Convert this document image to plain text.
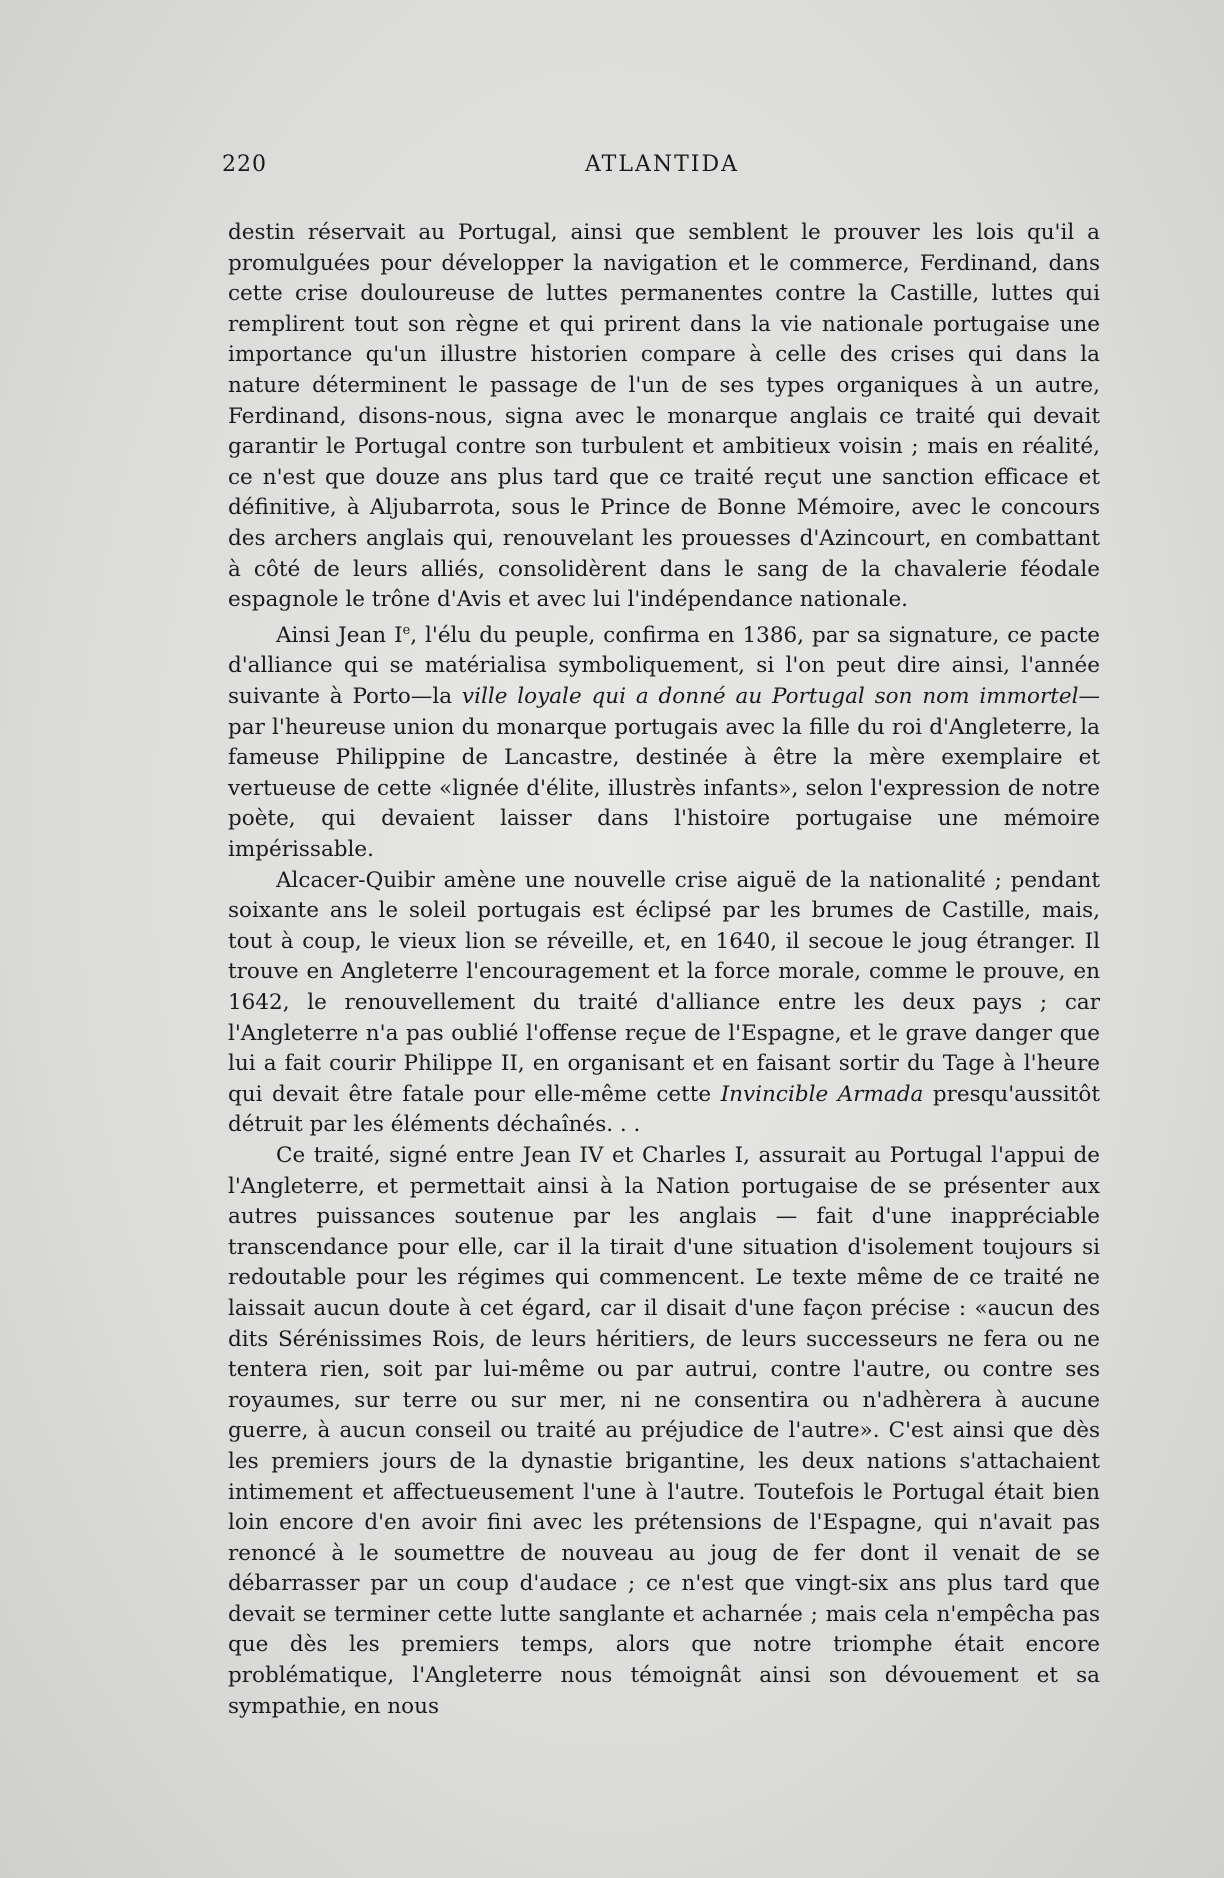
220	ATLANTIDA

destin réservait au Portugal, ainsi que semblent le prouver les lois qu'il a promulguées pour développer la navigation et le commerce, Ferdinand, dans cette crise douloureuse de luttes permanentes contre la Castille, luttes qui remplirent tout son règne et qui prirent dans la vie nationale portugaise une importance qu'un illustre historien compare à celle des crises qui dans la nature déterminent le passage de l'un de ses types organiques à un autre, Ferdinand, disons-nous, signa avec le monarque anglais ce traité qui devait garantir le Portugal contre son turbulent et ambitieux voisin ; mais en réalité, ce n'est que douze ans plus tard que ce traité reçut une sanction efficace et définitive, à Aljubarrota, sous le Prince de Bonne Mémoire, avec le concours des archers anglais qui, renouvelant les prouesses d'Azincourt, en combattant à côté de leurs alliés, consolidèrent dans le sang de la chavalerie féodale espagnole le trône d'Avis et avec lui l'indépendance nationale.

Ainsi Jean Ie, l'élu du peuple, confirma en 1386, par sa signature, ce pacte d'alliance qui se matérialisa symboliquement, si l'on peut dire ainsi, l'année suivante à Porto—la ville loyale qui a donné au Portugal son nom immortel— par l'heureuse union du monarque portugais avec la fille du roi d'Angleterre, la fameuse Philippine de Lancastre, destinée à être la mère exemplaire et vertueuse de cette «lignée d'élite, illustrès infants», selon l'expression de notre poète, qui devaient laisser dans l'histoire portugaise une mémoire impérissable.

Alcacer-Quibir amène une nouvelle crise aiguë de la nationalité ; pendant soixante ans le soleil portugais est éclipsé par les brumes de Castille, mais, tout à coup, le vieux lion se réveille, et, en 1640, il secoue le joug étranger. Il trouve en Angleterre l'encouragement et la force morale, comme le prouve, en 1642, le renouvellement du traité d'alliance entre les deux pays ; car l'Angleterre n'a pas oublié l'offense reçue de l'Espagne, et le grave danger que lui a fait courir Philippe II, en organisant et en faisant sortir du Tage à l'heure qui devait être fatale pour elle-même cette Invincible Armada presqu'aussitôt détruit par les éléments déchaînés. . .

Ce traité, signé entre Jean IV et Charles I, assurait au Portugal l'appui de l'Angleterre, et permettait ainsi à la Nation portugaise de se présenter aux autres puissances soutenue par les anglais — fait d'une inappréciable transcendance pour elle, car il la tirait d'une situation d'isolement toujours si redoutable pour les régimes qui commencent. Le texte même de ce traité ne laissait aucun doute à cet égard, car il disait d'une façon précise : «aucun des dits Sérénissimes Rois, de leurs héritiers, de leurs successeurs ne fera ou ne tentera rien, soit par lui-même ou par autrui, contre l'autre, ou contre ses royaumes, sur terre ou sur mer, ni ne consentira ou n'adhèrera à aucune guerre, à aucun conseil ou traité au préjudice de l'autre». C'est ainsi que dès les premiers jours de la dynastie brigantine, les deux nations s'attachaient intimement et affectueusement l'une à l'autre. Toutefois le Portugal était bien loin encore d'en avoir fini avec les prétensions de l'Espagne, qui n'avait pas renoncé à le soumettre de nouveau au joug de fer dont il venait de se débarrasser par un coup d'audace ; ce n'est que vingt-six ans plus tard que devait se terminer cette lutte sanglante et acharnée ; mais cela n'empêcha pas que dès les premiers temps, alors que notre triomphe était encore problématique, l'Angleterre nous témoignât ainsi son dévouement et sa sympathie, en nous
